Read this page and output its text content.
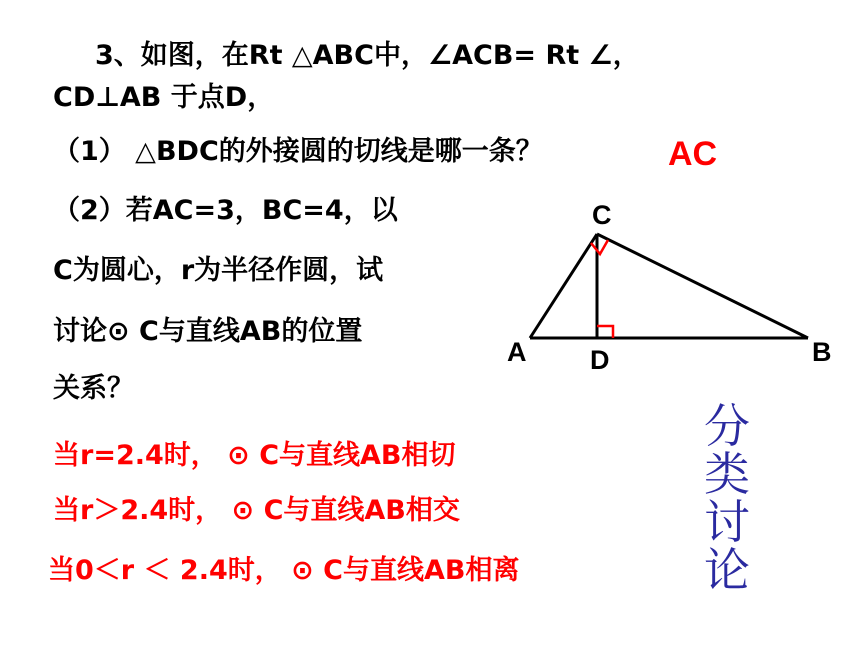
3、如图，在Rt △ABC中，∠ACB= Rt ∠，
CD⊥AB 于点D，
（1） △BDC的外接圆的切线是哪一条？	AC
（2）若AC=3，BC=4，以
C为圆心，r为半径作圆，试
讨论⊙ C与直线AB的位置
关系？
C
A D	B
当r=2.4时， ⊙ C与直线AB相切
当r＞2.4时， ⊙ C与直线AB相交
当0＜r ＜ 2.4时， ⊙ C与直线AB相离
分类讨论
